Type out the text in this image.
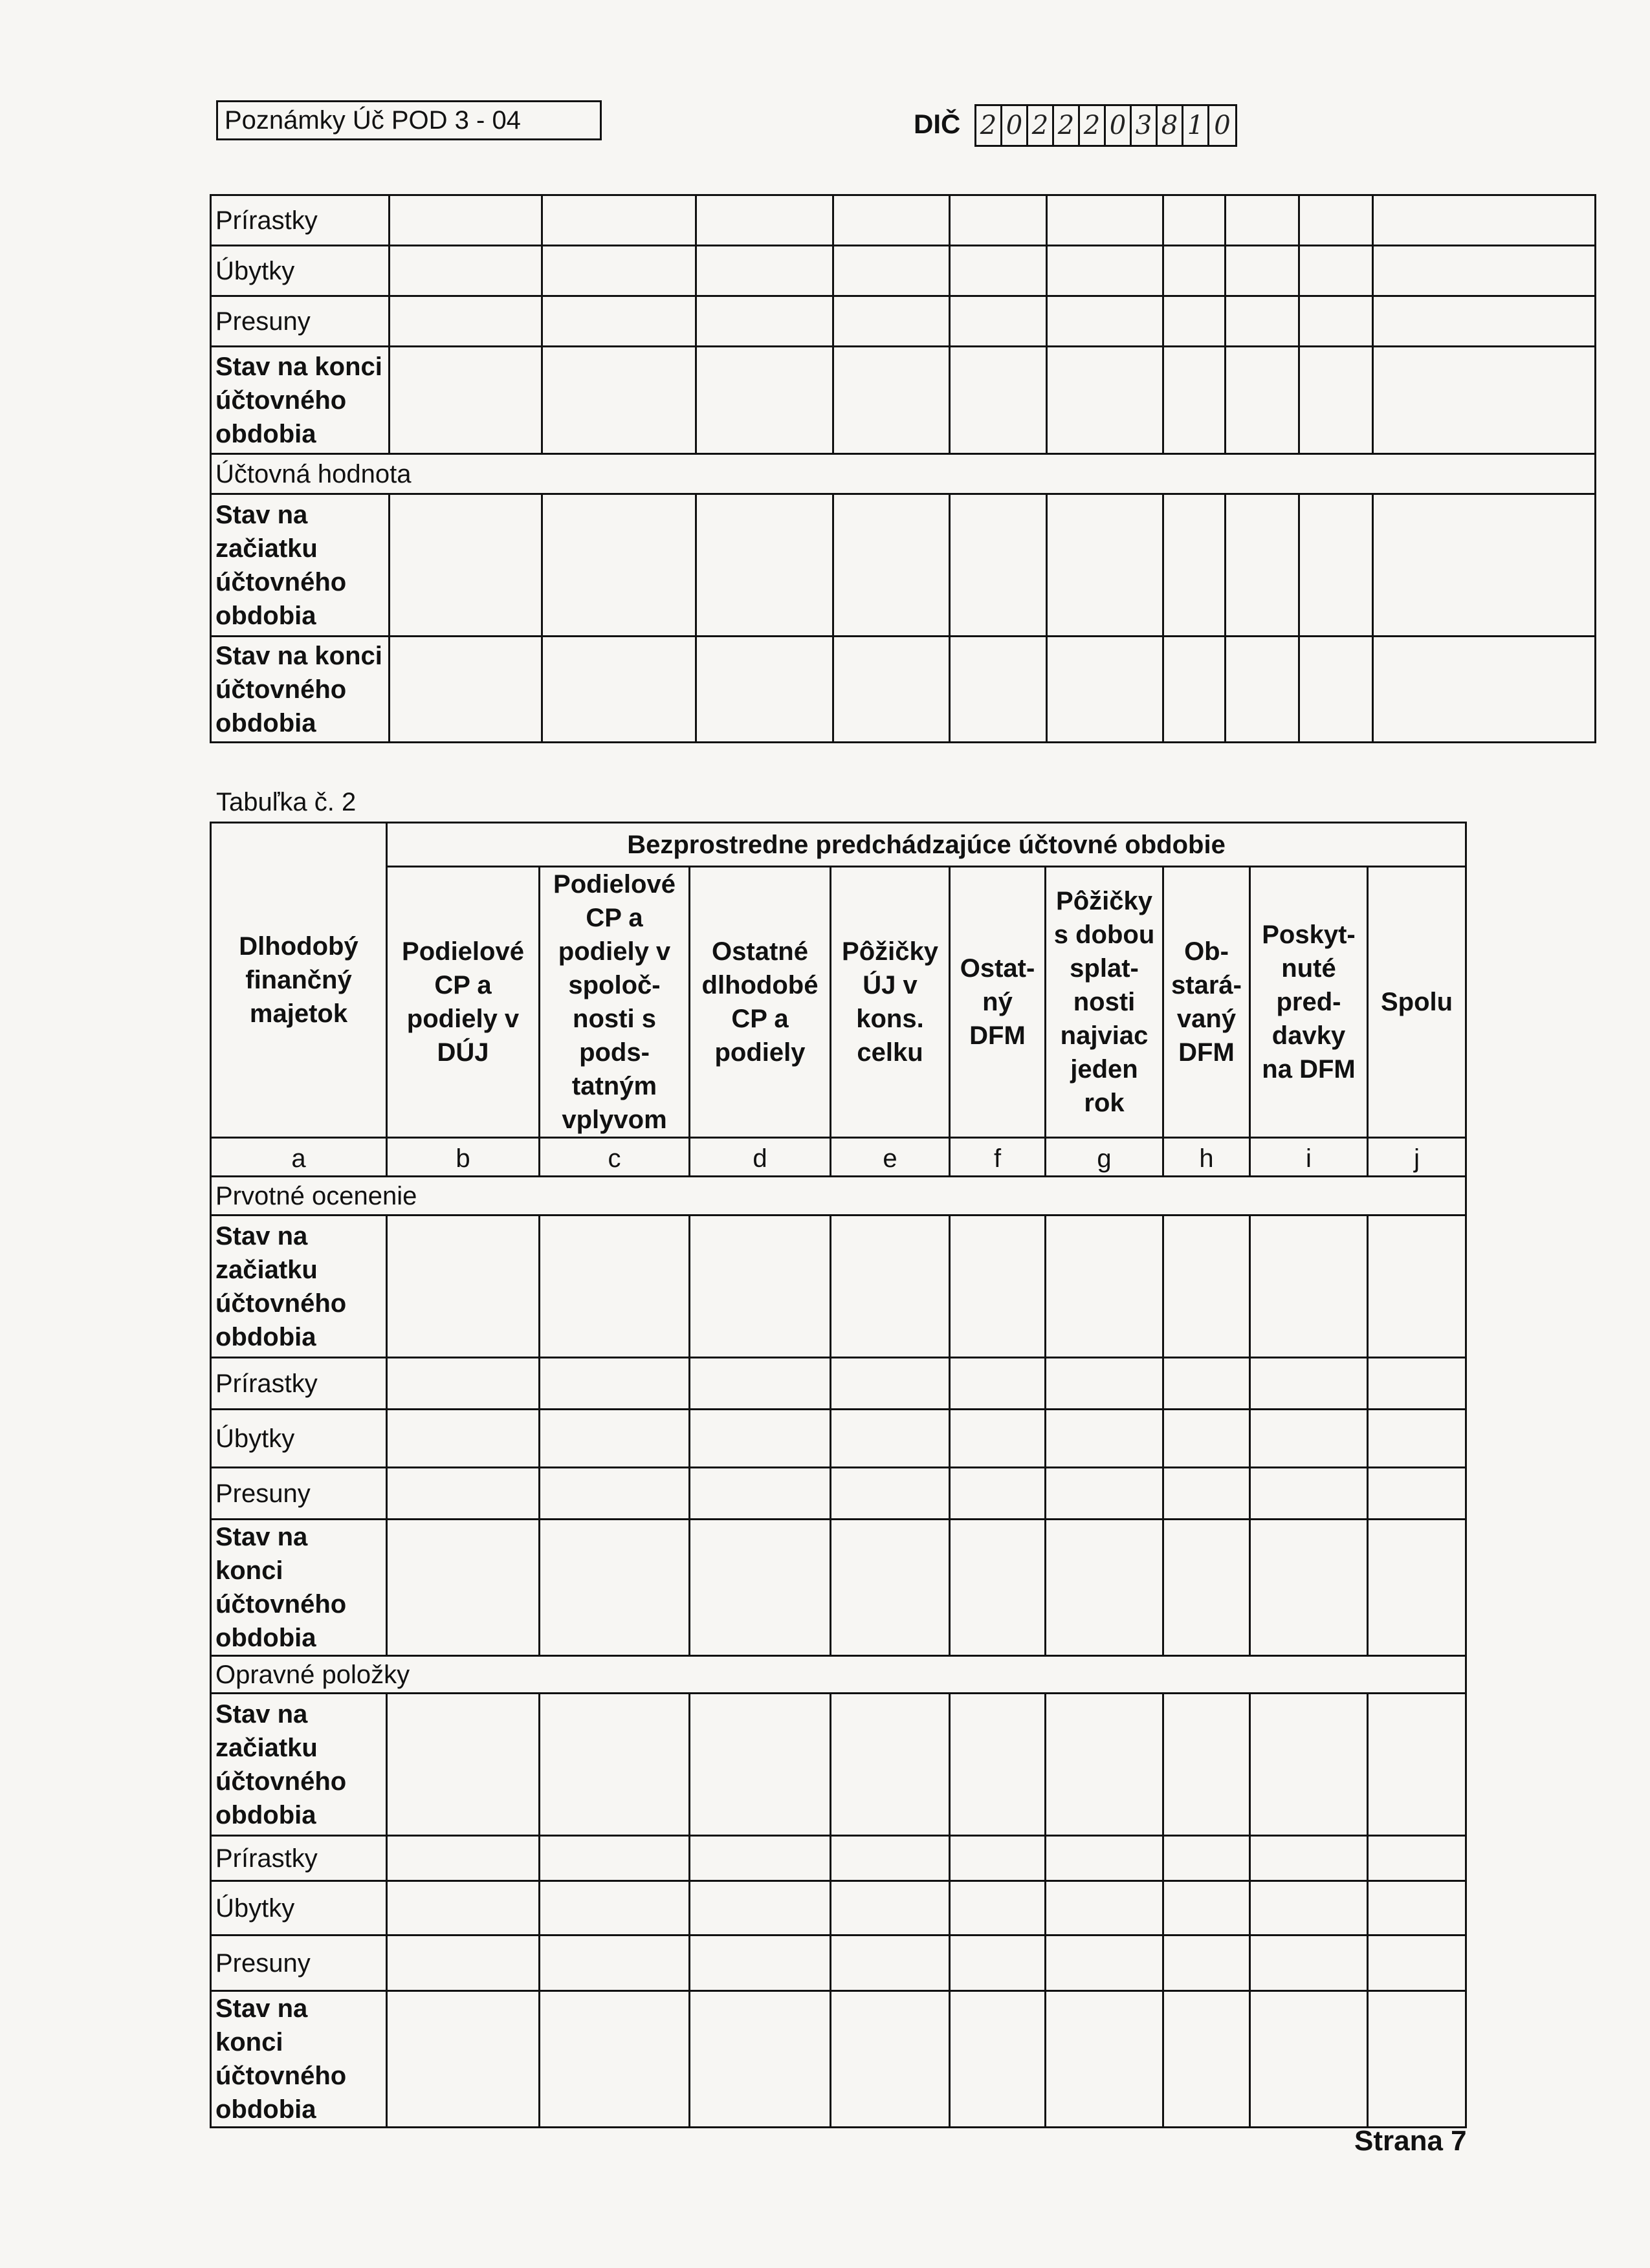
Poznámky Úč POD 3 - 04	DIČ 2 0 2 2 2 0 3 8 1 0
Prírastky										
Úbytky										
Presuny										
Stav na konci účtovného obdobia										
Účtovná hodnota										
Stav na začiatku účtovného obdobia										
Stav na konci účtovného obdobia										
Tabuľka č. 2
Dlhodobý finančný majetok	Bezprostredne predchádzajúce účtovné obdobie								
	Podielové CP a podiely v DÚJ	Podielové CP a podiely v spoloč-nosti s pods-tatným vplyvom	Ostatné dlhodobé CP a podiely	Pôžičky ÚJ v kons. celku	Ostat-ný DFM	Pôžičky s dobou splat-nosti najviac jeden rok	Ob-stará-vaný DFM	Poskyt-nuté pred-davky na DFM	Spolu
a	b	c	d	e	f	g	h	i	j
Prvotné ocenenie									
Stav na začiatku účtovného obdobia									
Prírastky									
Úbytky									
Presuny									
Stav na konci účtovného obdobia									
Opravné položky									
Stav na začiatku účtovného obdobia									
Prírastky									
Úbytky									
Presuny									
Stav na konci účtovného obdobia									
Strana 7
